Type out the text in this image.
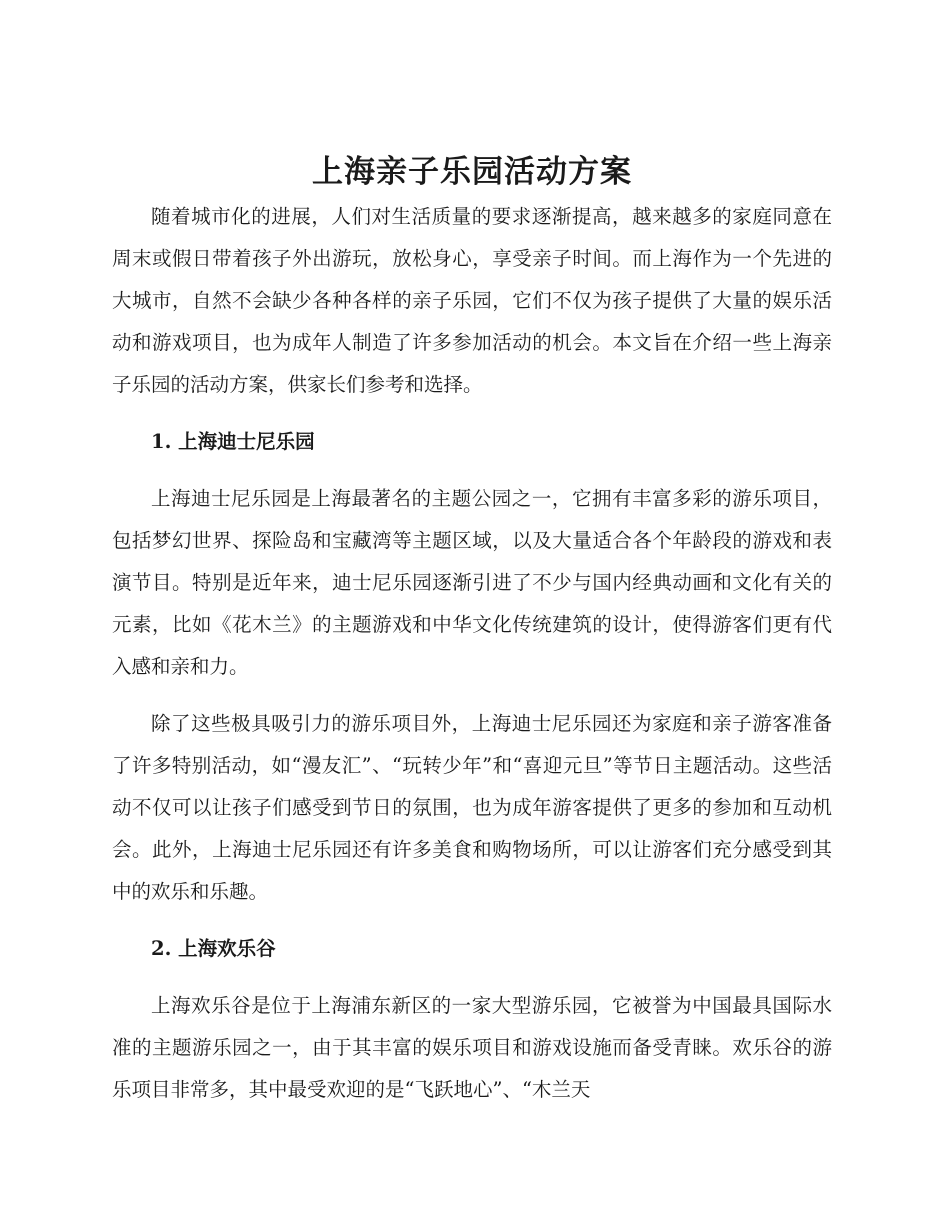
上海亲子乐园活动方案

随着城市化的进展，人们对生活质量的要求逐渐提高，越来越多的家庭同意在周末或假日带着孩子外出游玩，放松身心，享受亲子时间。而上海作为一个先进的大城市，自然不会缺少各种各样的亲子乐园，它们不仅为孩子提供了大量的娱乐活动和游戏项目，也为成年人制造了许多参加活动的机会。本文旨在介绍一些上海亲子乐园的活动方案，供家长们参考和选择。

1. 上海迪士尼乐园

上海迪士尼乐园是上海最著名的主题公园之一，它拥有丰富多彩的游乐项目，包括梦幻世界、探险岛和宝藏湾等主题区域，以及大量适合各个年龄段的游戏和表演节目。特别是近年来，迪士尼乐园逐渐引进了不少与国内经典动画和文化有关的元素，比如《花木兰》的主题游戏和中华文化传统建筑的设计，使得游客们更有代入感和亲和力。

除了这些极具吸引力的游乐项目外，上海迪士尼乐园还为家庭和亲子游客准备了许多特别活动，如“漫友汇”、“玩转少年”和“喜迎元旦”等节日主题活动。这些活动不仅可以让孩子们感受到节日的氛围，也为成年游客提供了更多的参加和互动机会。此外，上海迪士尼乐园还有许多美食和购物场所，可以让游客们充分感受到其中的欢乐和乐趣。

2. 上海欢乐谷

上海欢乐谷是位于上海浦东新区的一家大型游乐园，它被誉为中国最具国际水准的主题游乐园之一，由于其丰富的娱乐项目和游戏设施而备受青睐。欢乐谷的游乐项目非常多，其中最受欢迎的是“飞跃地心”、“木兰天
